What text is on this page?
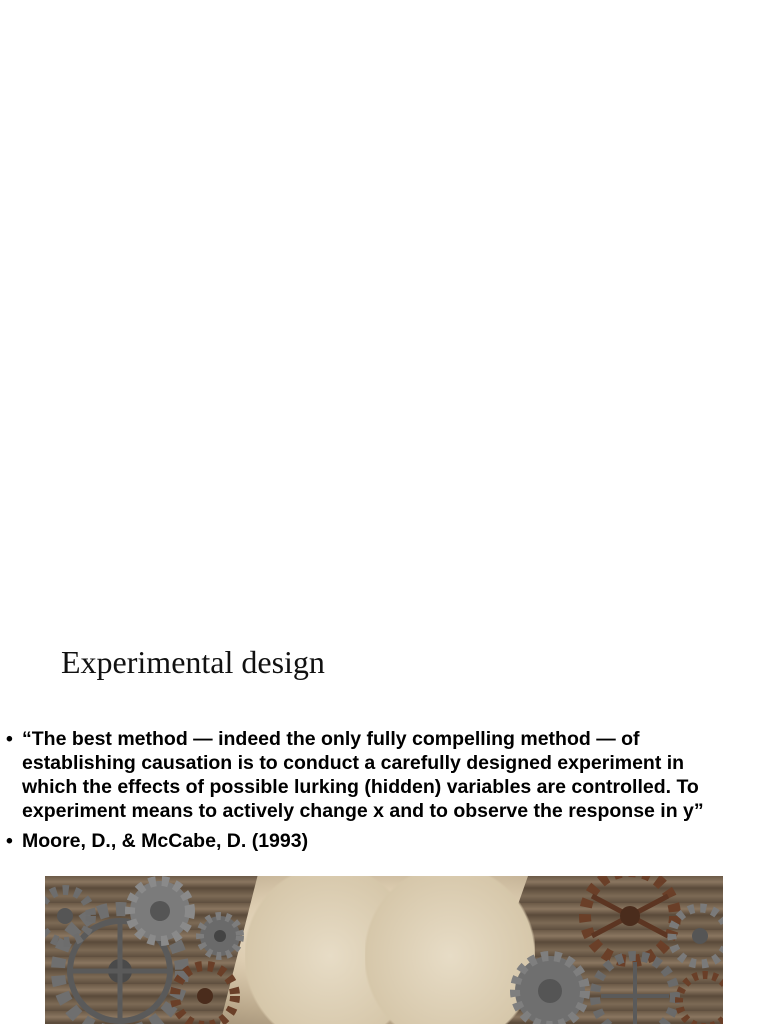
Experimental design
• “The best method — indeed the only fully compelling method — of
establishing causation is to conduct a carefully designed experiment in
which the effects of possible lurking (hidden) variables are controlled. To
experiment means to actively change x and to observe the response in y”
• Moore, D., & McCabe, D. (1993)
